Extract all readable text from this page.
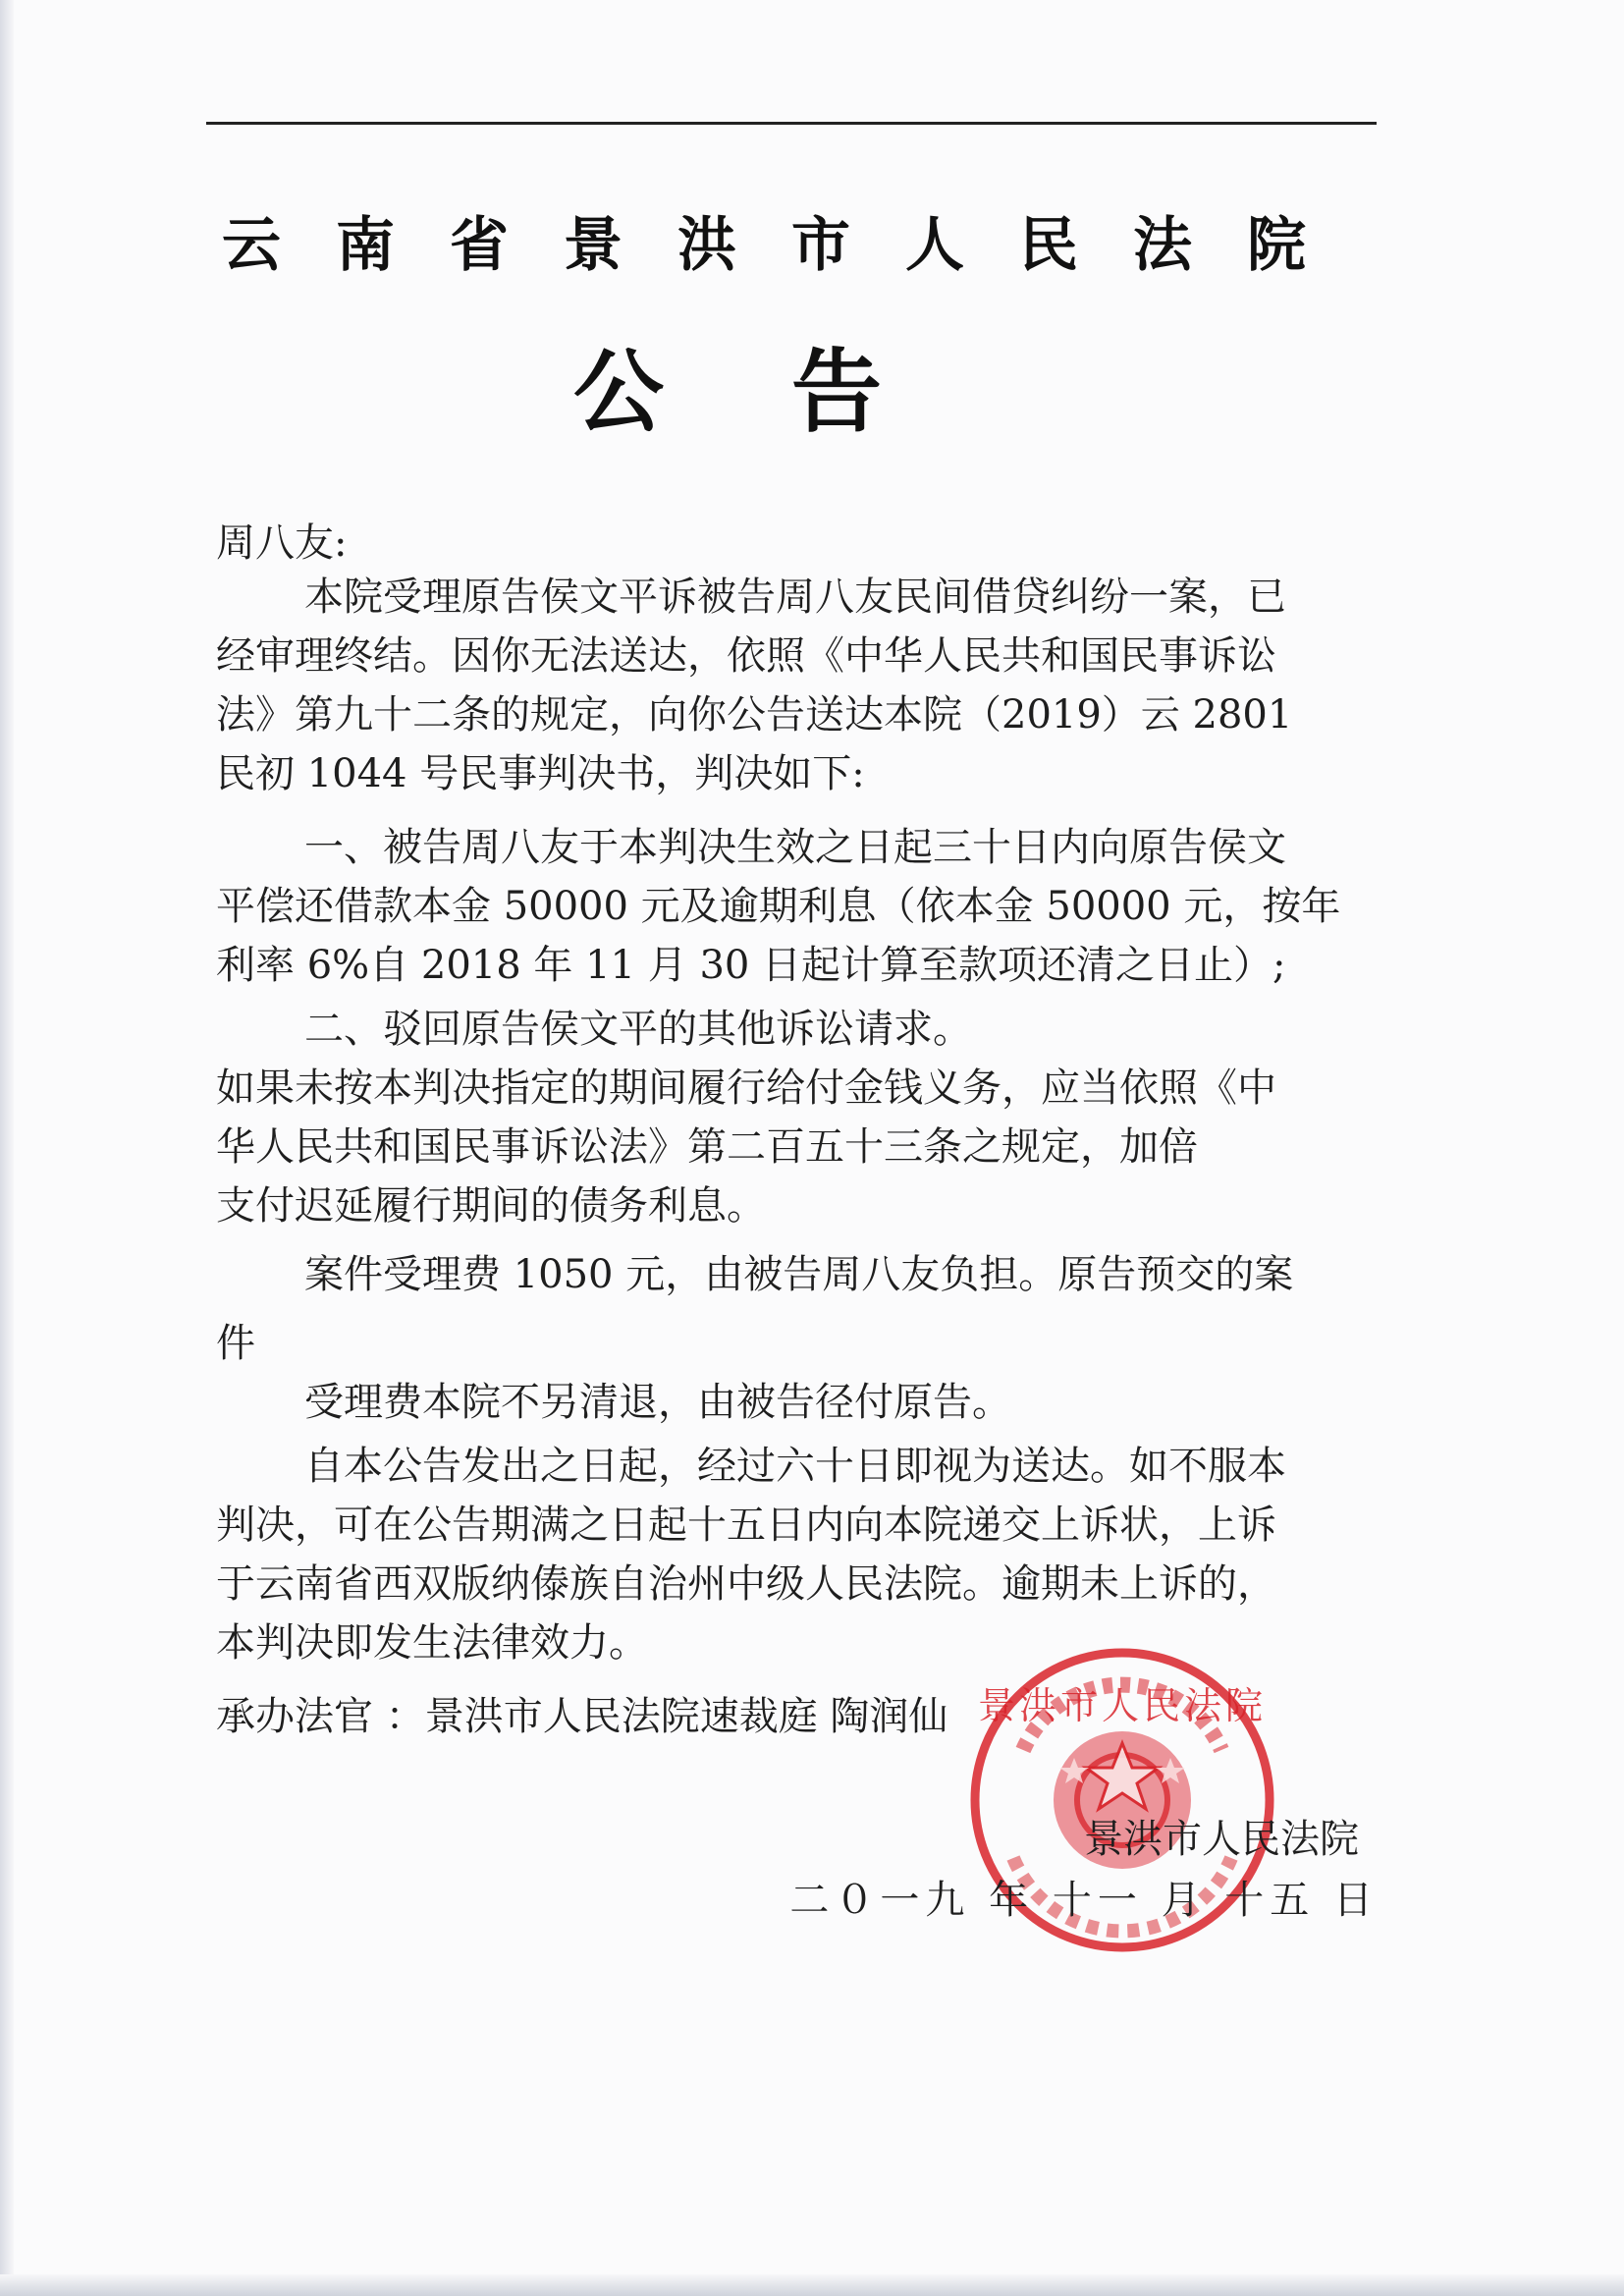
云南省景洪市人民法院
公告
周八友:
本院受理原告侯文平诉被告周八友民间借贷纠纷一案，已
经审理终结。因你无法送达，依照《中华人民共和国民事诉讼
法》第九十二条的规定，向你公告送达本院（2019）云 2801
民初 1044 号民事判决书，判决如下:
一、被告周八友于本判决生效之日起三十日内向原告侯文
平偿还借款本金 50000 元及逾期利息（依本金 50000 元，按年
利率 6%自 2018 年 11 月 30 日起计算至款项还清之日止）;
二、驳回原告侯文平的其他诉讼请求。
如果未按本判决指定的期间履行给付金钱义务，应当依照《中
华人民共和国民事诉讼法》第二百五十三条之规定，加倍
支付迟延履行期间的债务利息。
案件受理费 1050 元，由被告周八友负担。原告预交的案
件
受理费本院不另清退，由被告径付原告。
自本公告发出之日起，经过六十日即视为送达。如不服本
判决，可在公告期满之日起十五日内向本院递交上诉状，上诉
于云南省西双版纳傣族自治州中级人民法院。逾期未上诉的，
本判决即发生法律效力。
承办法官 ：景洪市人民法院速裁庭 陶润仙 景洪市人民法院
景洪市人民法院
二０一九 年 十一 月 十五 日
